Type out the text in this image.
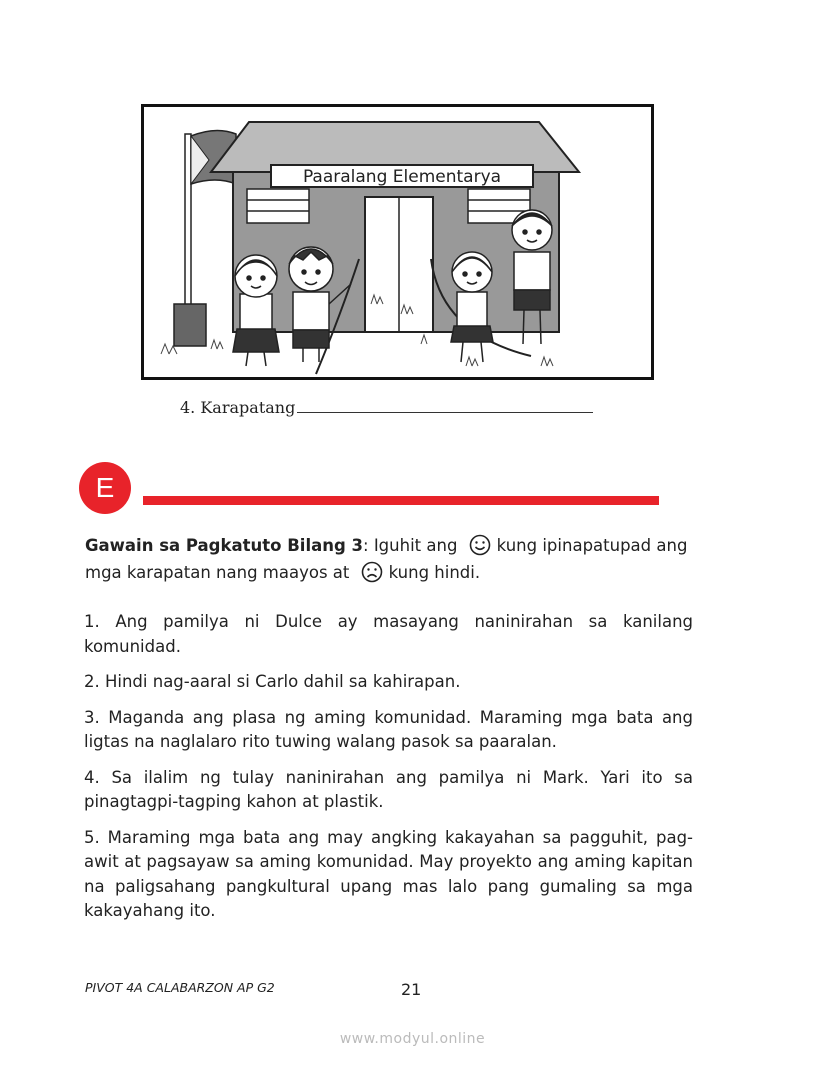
Paaralang Elementarya
4. Karapatang
E
Gawain sa Pagkatuto Bilang 3: Iguhit ang kung ipinapatupad ang mga karapatan nang maayos at kung hindi.

1. Ang pamilya ni Dulce ay masayang naninirahan sa kanilang komunidad.

2. Hindi nag-aaral si Carlo dahil sa kahirapan.

3. Maganda ang plasa ng aming komunidad. Maraming mga bata ang ligtas na naglalaro rito tuwing walang pasok sa paaralan.

4. Sa ilalim ng tulay naninirahan ang pamilya ni Mark. Yari ito sa pinagtagpi-tagping kahon at plastik.

5. Maraming mga bata ang may angking kakayahan sa pagguhit, pag-awit at pagsayaw sa aming komunidad. May proyekto ang aming kapitan na paligsahang pangkultural upang mas lalo pang gumaling sa mga kakayahang ito.

PIVOT 4A CALABARZON AP G2	21
www.modyul.online
